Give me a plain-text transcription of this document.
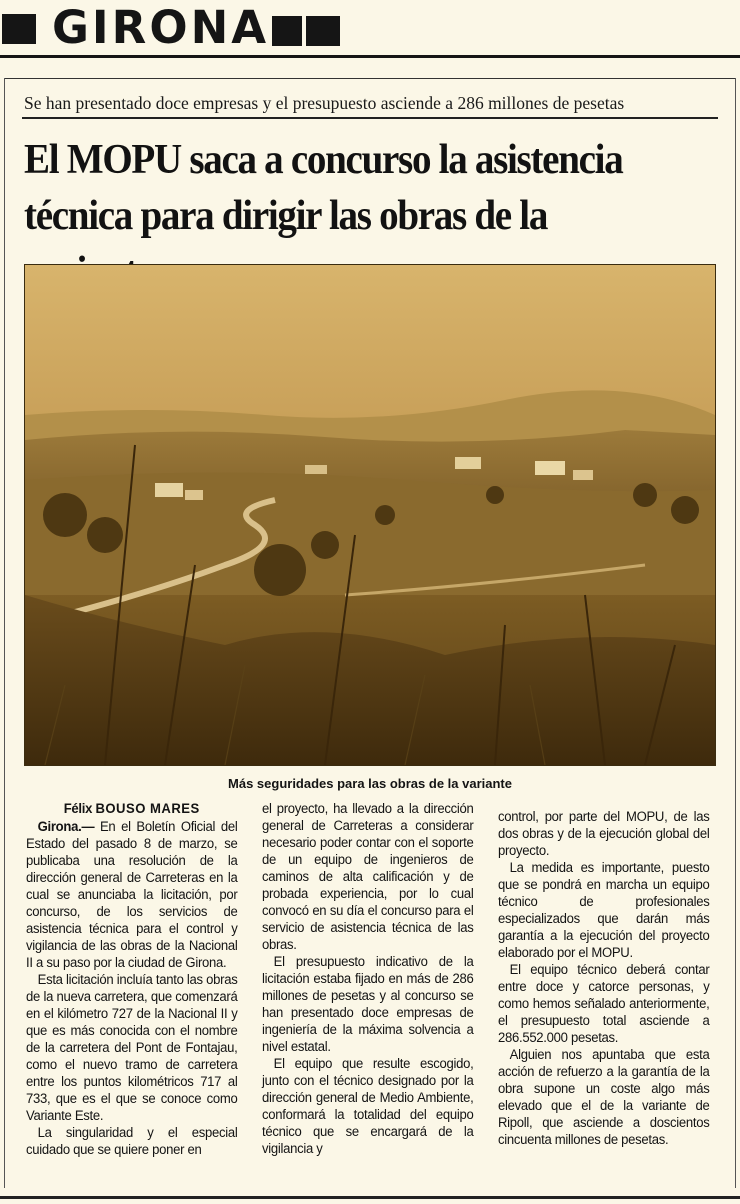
GIRONA
Se han presentado doce empresas y el presupuesto asciende a 286 millones de pesetas
El MOPU saca a concurso la asistencia técnica para dirigir las obras de la
Más seguridades para las obras de la variante

Félix BOUSO MARES

Girona.— En el Boletín Oficial del Estado del pasado 8 de marzo, se publicaba una resolución de la dirección general de Carreteras en la cual se anunciaba la licitación, por concurso, de los servicios de asistencia técnica para el control y vigilancia de las obras de la Nacional II a su paso por la ciudad de Girona.

Esta licitación incluía tanto las obras de la nueva carretera, que comenzará en el kilómetro 727 de la Nacional II y que es más conocida con el nombre de la carretera del Pont de Fontajau, como el nuevo tramo de carretera entre los puntos kilométricos 717 al 733, que es el que se conoce como Variante Este.

La singularidad y el especial cuidado que se quiere poner en

el proyecto, ha llevado a la dirección general de Carreteras a considerar necesario poder contar con el soporte de un equipo de ingenieros de caminos de alta calificación y de probada experiencia, por lo cual convocó en su día el concurso para el servicio de asistencia técnica de las obras.

El presupuesto indicativo de la licitación estaba fijado en más de 286 millones de pesetas y al concurso se han presentado doce empresas de ingeniería de la máxima solvencia a nivel estatal.

El equipo que resulte escogido, junto con el técnico designado por la dirección general de Medio Ambiente, conformará la totalidad del equipo técnico que se encargará de la vigilancia y

control, por parte del MOPU, de las dos obras y de la ejecución global del proyecto.

La medida es importante, puesto que se pondrá en marcha un equipo técnico de profesionales especializados que darán más garantía a la ejecución del proyecto elaborado por el MOPU.

El equipo técnico deberá contar entre doce y catorce personas, y como hemos señalado anteriormente, el presupuesto total asciende a 286.552.000 pesetas.

Alguien nos apuntaba que esta acción de refuerzo a la garantía de la obra supone un coste algo más elevado que el de la variante de Ripoll, que asciende a doscientos cincuenta millones de pesetas.
